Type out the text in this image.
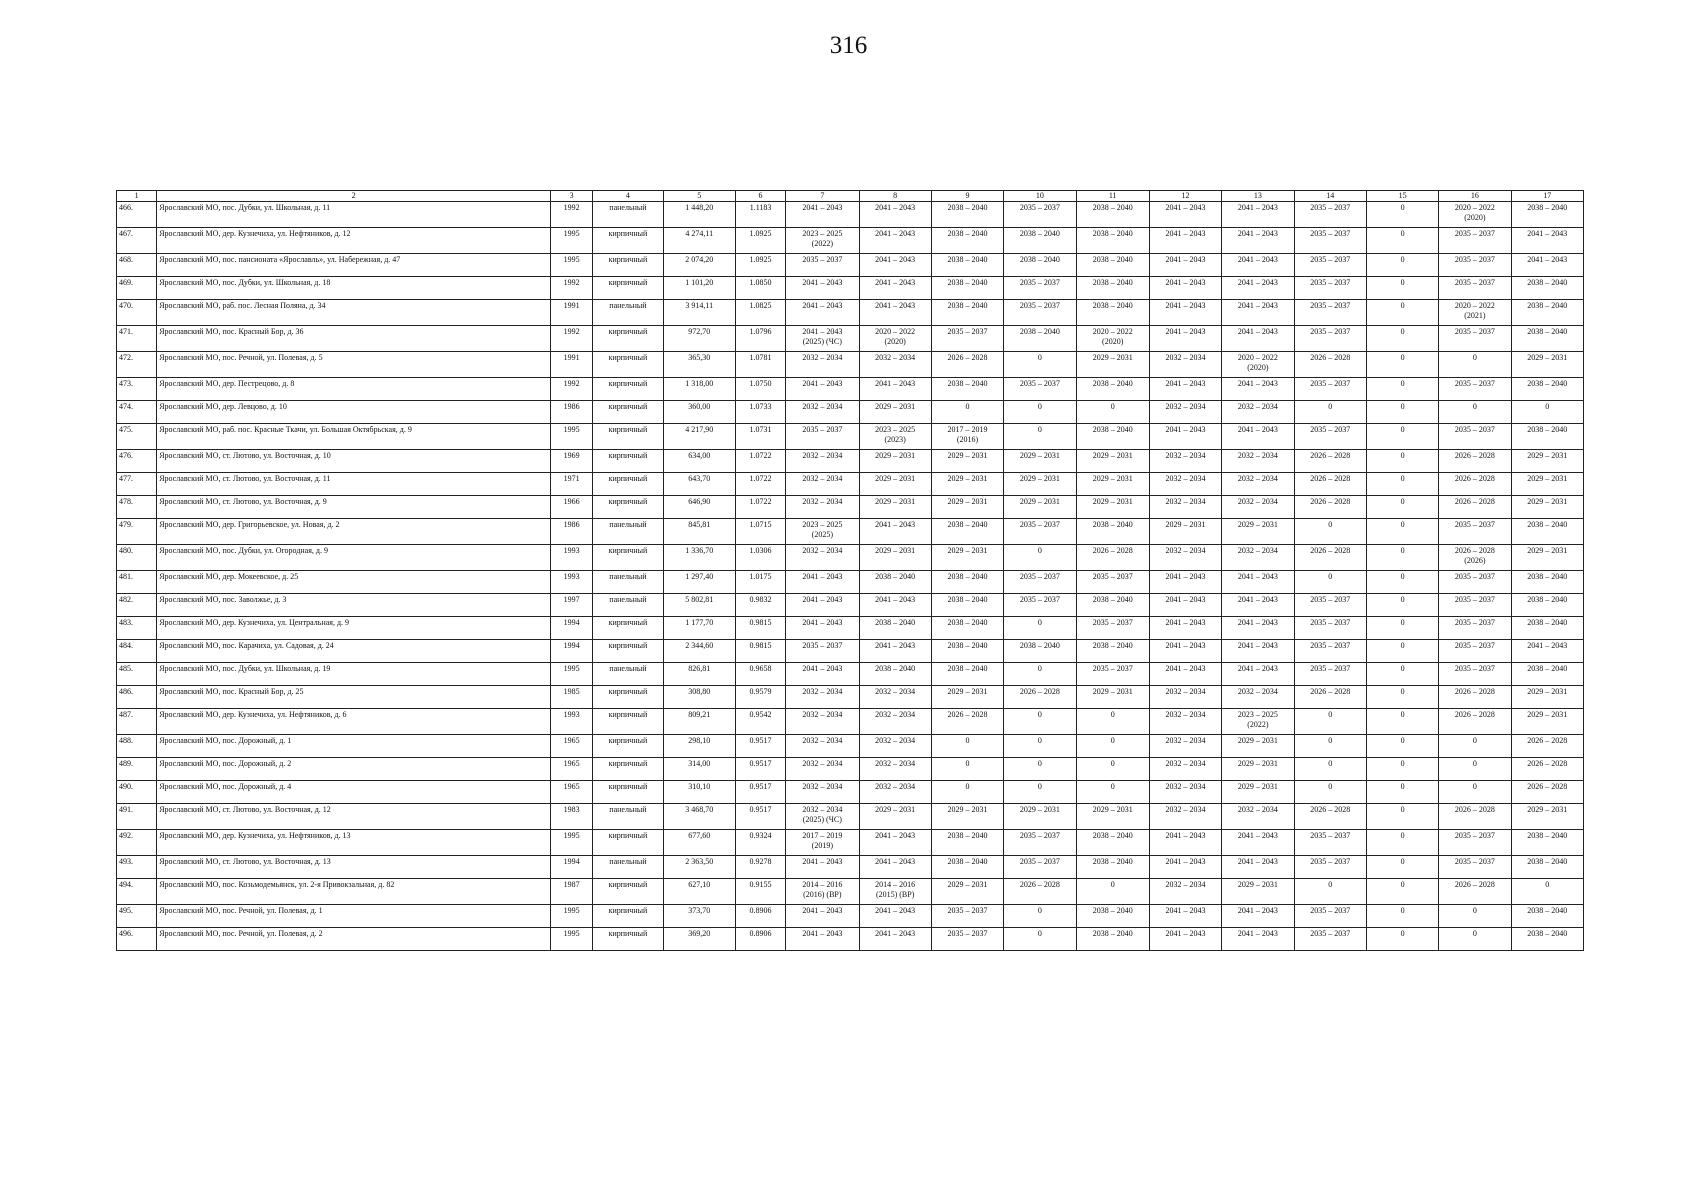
316
1	2	3	4	5	6	7	8	9	10	11	12	13	14	15	16	17

466.	Ярославский МО, пос. Дубки, ул. Школьная, д. 11	1992	панельный	1 448,20	1.1183	2041 – 2043	2041 – 2043	2038 – 2040	2035 – 2037	2038 – 2040	2041 – 2043	2041 – 2043	2035 – 2037	0	2020 – 2022
(2020)	2038 – 2040

467.	Ярославский МО, дер. Кузнечиха, ул. Нефтяников, д. 12	1995	кирпичный	4 274,11	1.0925	2023 – 2025
(2022)	2041 – 2043	2038 – 2040	2038 – 2040	2038 – 2040	2041 – 2043	2041 – 2043	2035 – 2037	0	2035 – 2037	2041 – 2043

468.	Ярославский МО, пос. пансионата «Ярославль», ул. Набережная, д. 47	1995	кирпичный	2 074,20	1.0925	2035 – 2037	2041 – 2043	2038 – 2040	2038 – 2040	2038 – 2040	2041 – 2043	2041 – 2043	2035 – 2037	0	2035 – 2037	2041 – 2043

469.	Ярославский МО, пос. Дубки, ул. Школьная, д. 18	1992	кирпичный	1 101,20	1.0850	2041 – 2043	2041 – 2043	2038 – 2040	2035 – 2037	2038 – 2040	2041 – 2043	2041 – 2043	2035 – 2037	0	2035 – 2037	2038 – 2040

470.	Ярославский МО, раб. пос. Лесная Поляна, д. 34	1991	панельный	3 914,11	1.0825	2041 – 2043	2041 – 2043	2038 – 2040	2035 – 2037	2038 – 2040	2041 – 2043	2041 – 2043	2035 – 2037	0	2020 – 2022
(2021)	2038 – 2040

471.	Ярославский МО, пос. Красный Бор, д. 36	1992	кирпичный	972,70	1.0796	2041 – 2043
(2025) (ЧС)	2020 – 2022
(2020)	2035 – 2037	2038 – 2040	2020 – 2022
(2020)	2041 – 2043	2041 – 2043	2035 – 2037	0	2035 – 2037	2038 – 2040

472.	Ярославский МО, пос. Речной, ул. Полевая, д. 5	1991	кирпичный	365,30	1.0781	2032 – 2034	2032 – 2034	2026 – 2028	0	2029 – 2031	2032 – 2034	2020 – 2022
(2020)	2026 – 2028	0	0	2029 – 2031

473.	Ярославский МО, дер. Пестрецово, д. 8	1992	кирпичный	1 318,00	1.0750	2041 – 2043	2041 – 2043	2038 – 2040	2035 – 2037	2038 – 2040	2041 – 2043	2041 – 2043	2035 – 2037	0	2035 – 2037	2038 – 2040

474.	Ярославский МО, дер. Левцово, д. 10	1986	кирпичный	360,00	1.0733	2032 – 2034	2029 – 2031	0	0	0	2032 – 2034	2032 – 2034	0	0	0	0

475.	Ярославский МО, раб. пос. Красные Ткачи, ул. Большая Октябрьская, д. 9	1995	кирпичный	4 217,90	1.0731	2035 – 2037	2023 – 2025
(2023)	2017 – 2019
(2016)	0	2038 – 2040	2041 – 2043	2041 – 2043	2035 – 2037	0	2035 – 2037	2038 – 2040

476.	Ярославский МО, ст. Лютово, ул. Восточная, д. 10	1969	кирпичный	634,00	1.0722	2032 – 2034	2029 – 2031	2029 – 2031	2029 – 2031	2029 – 2031	2032 – 2034	2032 – 2034	2026 – 2028	0	2026 – 2028	2029 – 2031

477.	Ярославский МО, ст. Лютово, ул. Восточная, д. 11	1971	кирпичный	643,70	1.0722	2032 – 2034	2029 – 2031	2029 – 2031	2029 – 2031	2029 – 2031	2032 – 2034	2032 – 2034	2026 – 2028	0	2026 – 2028	2029 – 2031

478.	Ярославский МО, ст. Лютово, ул. Восточная, д. 9	1966	кирпичный	646,90	1.0722	2032 – 2034	2029 – 2031	2029 – 2031	2029 – 2031	2029 – 2031	2032 – 2034	2032 – 2034	2026 – 2028	0	2026 – 2028	2029 – 2031

479.	Ярославский МО, дер. Григорьевское, ул. Новая, д. 2	1986	панельный	845,81	1.0715	2023 – 2025
(2025)	2041 – 2043	2038 – 2040	2035 – 2037	2038 – 2040	2029 – 2031	2029 – 2031	0	0	2035 – 2037	2038 – 2040

480.	Ярославский МО, пос. Дубки, ул. Огородная, д. 9	1993	кирпичный	1 336,70	1.0306	2032 – 2034	2029 – 2031	2029 – 2031	0	2026 – 2028	2032 – 2034	2032 – 2034	2026 – 2028	0	2026 – 2028
(2026)	2029 – 2031

481.	Ярославский МО, дер. Мокеевское, д. 25	1993	панельный	1 297,40	1.0175	2041 – 2043	2038 – 2040	2038 – 2040	2035 – 2037	2035 – 2037	2041 – 2043	2041 – 2043	0	0	2035 – 2037	2038 – 2040

482.	Ярославский МО, пос. Заволжье, д. 3	1997	панельный	5 802,81	0.9832	2041 – 2043	2041 – 2043	2038 – 2040	2035 – 2037	2038 – 2040	2041 – 2043	2041 – 2043	2035 – 2037	0	2035 – 2037	2038 – 2040

483.	Ярославский МО, дер. Кузнечиха, ул. Центральная, д. 9	1994	кирпичный	1 177,70	0.9815	2041 – 2043	2038 – 2040	2038 – 2040	0	2035 – 2037	2041 – 2043	2041 – 2043	2035 – 2037	0	2035 – 2037	2038 – 2040

484.	Ярославский МО, пос. Карачиха, ул. Садовая, д. 24	1994	кирпичный	2 344,60	0.9815	2035 – 2037	2041 – 2043	2038 – 2040	2038 – 2040	2038 – 2040	2041 – 2043	2041 – 2043	2035 – 2037	0	2035 – 2037	2041 – 2043

485.	Ярославский МО, пос. Дубки, ул. Школьная, д. 19	1995	панельный	826,81	0.9658	2041 – 2043	2038 – 2040	2038 – 2040	0	2035 – 2037	2041 – 2043	2041 – 2043	2035 – 2037	0	2035 – 2037	2038 – 2040

486.	Ярославский МО, пос. Красный Бор, д. 25	1985	кирпичный	308,80	0.9579	2032 – 2034	2032 – 2034	2029 – 2031	2026 – 2028	2029 – 2031	2032 – 2034	2032 – 2034	2026 – 2028	0	2026 – 2028	2029 – 2031

487.	Ярославский МО, дер. Кузнечиха, ул. Нефтяников, д. 6	1993	кирпичный	809,21	0.9542	2032 – 2034	2032 – 2034	2026 – 2028	0	0	2032 – 2034	2023 – 2025
(2022)	0	0	2026 – 2028	2029 – 2031

488.	Ярославский МО, пос. Дорожный, д. 1	1965	кирпичный	298,10	0.9517	2032 – 2034	2032 – 2034	0	0	0	2032 – 2034	2029 – 2031	0	0	0	2026 – 2028

489.	Ярославский МО, пос. Дорожный, д. 2	1965	кирпичный	314,00	0.9517	2032 – 2034	2032 – 2034	0	0	0	2032 – 2034	2029 – 2031	0	0	0	2026 – 2028

490.	Ярославский МО, пос. Дорожный, д. 4	1965	кирпичный	310,10	0.9517	2032 – 2034	2032 – 2034	0	0	0	2032 – 2034	2029 – 2031	0	0	0	2026 – 2028

491.	Ярославский МО, ст. Лютово, ул. Восточная, д. 12	1983	панельный	3 468,70	0.9517	2032 – 2034
(2025) (ЧС)	2029 – 2031	2029 – 2031	2029 – 2031	2029 – 2031	2032 – 2034	2032 – 2034	2026 – 2028	0	2026 – 2028	2029 – 2031

492.	Ярославский МО, дер. Кузнечиха, ул. Нефтяников, д. 13	1995	кирпичный	677,60	0.9324	2017 – 2019
(2019)	2041 – 2043	2038 – 2040	2035 – 2037	2038 – 2040	2041 – 2043	2041 – 2043	2035 – 2037	0	2035 – 2037	2038 – 2040

493.	Ярославский МО, ст. Лютово, ул. Восточная, д. 13	1994	панельный	2 363,50	0.9278	2041 – 2043	2041 – 2043	2038 – 2040	2035 – 2037	2038 – 2040	2041 – 2043	2041 – 2043	2035 – 2037	0	2035 – 2037	2038 – 2040

494.	Ярославский МО, пос. Козьмодемьянск, ул. 2-я Привокзальная, д. 82	1987	кирпичный	627,10	0.9155	2014 – 2016
(2016) (ВР)	2014 – 2016
(2015) (ВР)	2029 – 2031	2026 – 2028	0	2032 – 2034	2029 – 2031	0	0	2026 – 2028	0

495.	Ярославский МО, пос. Речной, ул. Полевая, д. 1	1995	кирпичный	373,70	0.8906	2041 – 2043	2041 – 2043	2035 – 2037	0	2038 – 2040	2041 – 2043	2041 – 2043	2035 – 2037	0	0	2038 – 2040

496.	Ярославский МО, пос. Речной, ул. Полевая, д. 2	1995	кирпичный	369,20	0.8906	2041 – 2043	2041 – 2043	2035 – 2037	0	2038 – 2040	2041 – 2043	2041 – 2043	2035 – 2037	0	0	2038 – 2040
